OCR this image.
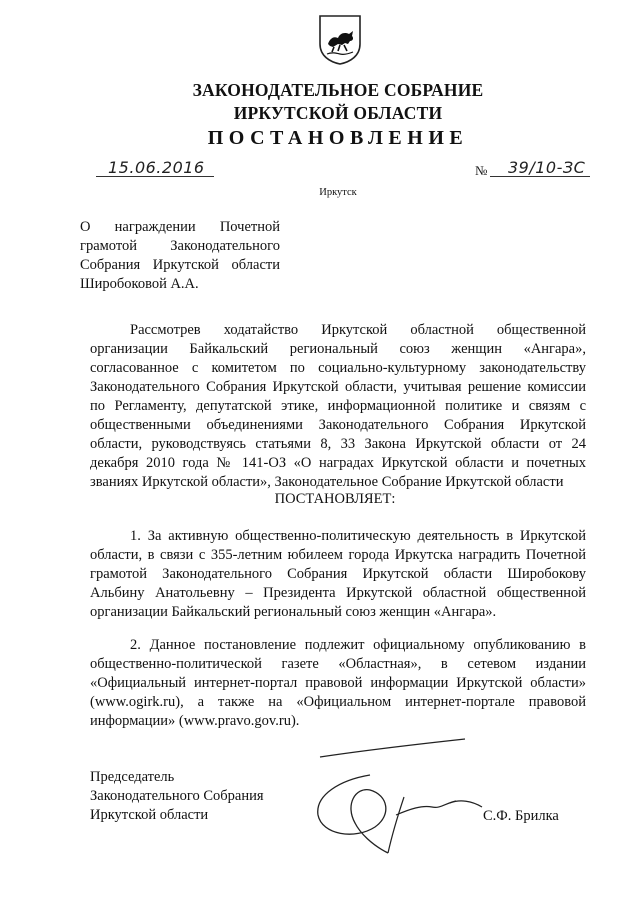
ЗАКОНОДАТЕЛЬНОЕ СОБРАНИЕ
ИРКУТСКОЙ ОБЛАСТИ
ПОСТАНОВЛЕНИЕ
15.06.2016	№ 39/10-ЗС
Иркутск
О награждении Почетной грамотой Законодательного Собрания Иркутской области Широбоковой А.А.
Рассмотрев ходатайство Иркутской областной общественной организации Байкальский региональный союз женщин «Ангара», согласованное с комитетом по социально-культурному законодательству Законодательного Собрания Иркутской области, учитывая решение комиссии по Регламенту, депутатской этике, информационной политике и связям с общественными объединениями Законодательного Собрания Иркутской области, руководствуясь статьями 8, 33 Закона Иркутской области от 24 декабря 2010 года № 141-ОЗ «О наградах Иркутской области и почетных званиях Иркутской области», Законодательное Собрание Иркутской области
ПОСТАНОВЛЯЕТ:
1. За активную общественно-политическую деятельность в Иркутской области, в связи с 355-летним юбилеем города Иркутска наградить Почетной грамотой Законодательного Собрания Иркутской области Широбокову Альбину Анатольевну – Президента Иркутской областной общественной организации Байкальский региональный союз женщин «Ангара».
2. Данное постановление подлежит официальному опубликованию в общественно-политической газете «Областная», в сетевом издании «Официальный интернет-портал правовой информации Иркутской области» (www.ogirk.ru), а также на «Официальном интернет-портале правовой информации» (www.pravo.gov.ru).
Председатель
Законодательного Собрания
Иркутской области	С.Ф. Брилка
